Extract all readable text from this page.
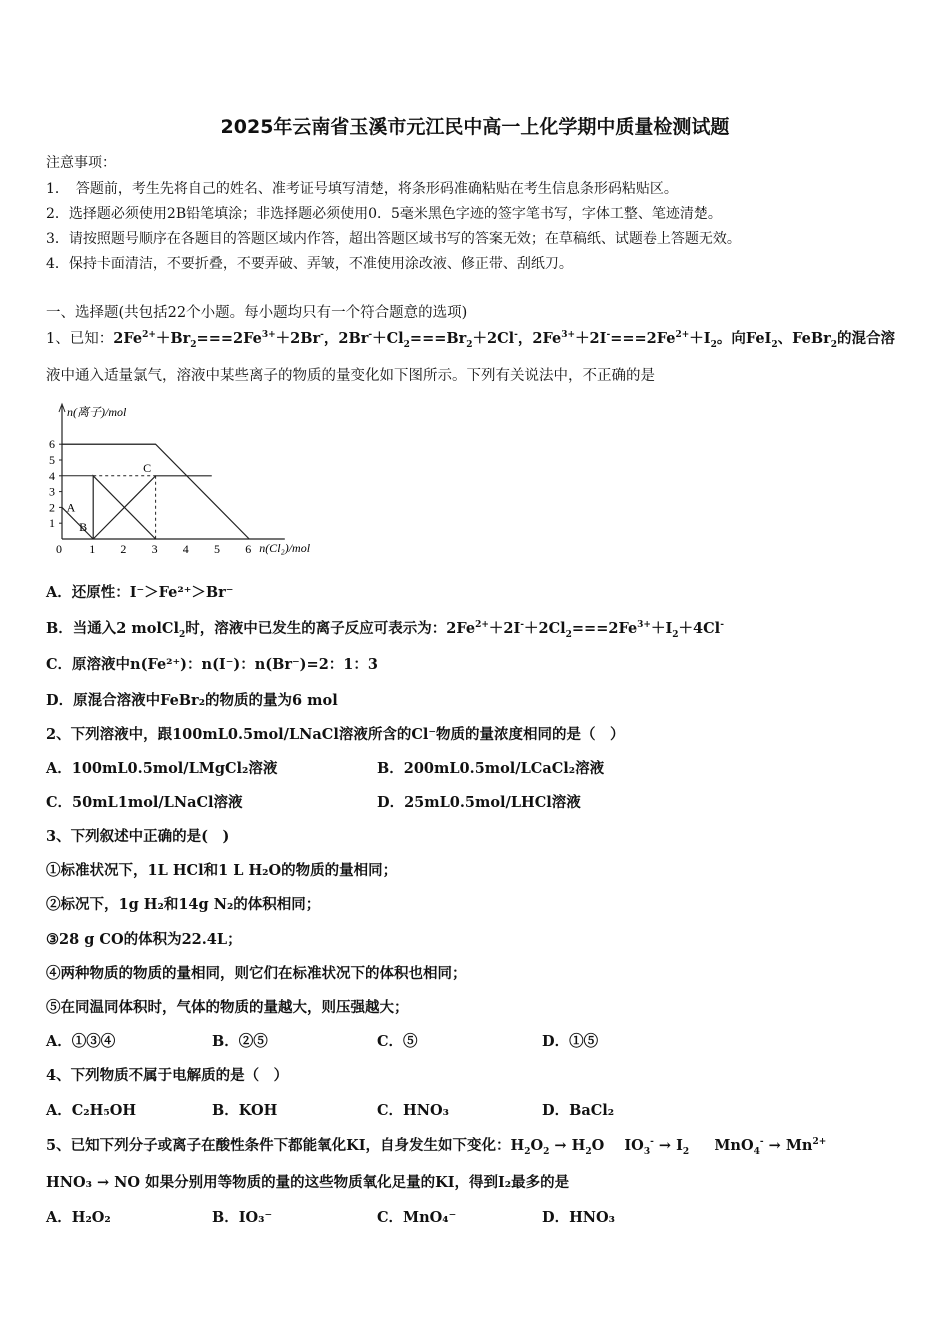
2025年云南省玉溪市元江民中高一上化学期中质量检测试题
注意事项：
1．　答题前，考生先将自己的姓名、准考证号填写清楚，将条形码准确粘贴在考生信息条形码粘贴区。
2．选择题必须使用2B铅笔填涂；非选择题必须使用0．5毫米黑色字迹的签字笔书写，字体工整、笔迹清楚。
3．请按照题号顺序在各题目的答题区域内作答，超出答题区域书写的答案无效；在草稿纸、试题卷上答题无效。
4．保持卡面清洁，不要折叠，不要弄破、弄皱，不准使用涂改液、修正带、刮纸刀。
一、选择题(共包括22个小题。每小题均只有一个符合题意的选项)
1、已知：$2Fe^{2+}+Br_2===2Fe^{3+}+2Br^-$，$2Br^-+Cl_2===Br_2+2Cl^-$，$2Fe^{3+}+2I^-===2Fe^{2+}+I_2$。向FeI$_2$、FeBr$_2$的混合溶
液中通入适量氯气，溶液中某些离子的物质的量变化如下图所示。下列有关说法中，不正确的是
n(离子)/mol
n(Cl₂)/mol
0 1 2 3 4 5 6
1
2
3
4
5
6
A
B
C
A．还原性：I⁻＞Fe²⁺＞Br⁻
B．当通入2 molCl$_2$时，溶液中已发生的离子反应可表示为：$2Fe^{2+}+2I^-+2Cl_2===2Fe^{3+}+I_2+4Cl^-$
C．原溶液中n(Fe²⁺)：n(I⁻)：n(Br⁻)=2：1：3
D．原混合溶液中FeBr₂的物质的量为6 mol
2、下列溶液中，跟100mL0.5mol/LNaCl溶液所含的Cl⁻物质的量浓度相同的是（　）
A．100mL0.5mol/LMgCl₂溶液	B．200mL0.5mol/LCaCl₂溶液
C．50mL1mol/LNaCl溶液	D．25mL0.5mol/LHCl溶液
3、下列叙述中正确的是(　)
①标准状况下，1L HCl和1 L H₂O的物质的量相同；
②标况下，1g H₂和14g N₂的体积相同；
③28 g CO的体积为22.4L；
④两种物质的物质的量相同，则它们在标准状况下的体积也相同；
⑤在同温同体积时，气体的物质的量越大，则压强越大；
A．①③④	B．②⑤	C．⑤	D．①⑤
4、下列物质不属于电解质的是（　）
A．C₂H₅OH	B．KOH	C．HNO₃	D．BaCl₂
5、已知下列分子或离子在酸性条件下都能氧化KI，自身发生如下变化：$H_2O_2 \to H_2O$    $IO_3^- \to I_2$     $MnO_4^- \to Mn^{2+}$
HNO₃ → NO 如果分别用等物质的量的这些物质氧化足量的KI，得到I₂最多的是
A．H₂O₂	B．IO₃⁻	C．MnO₄⁻	D．HNO₃
